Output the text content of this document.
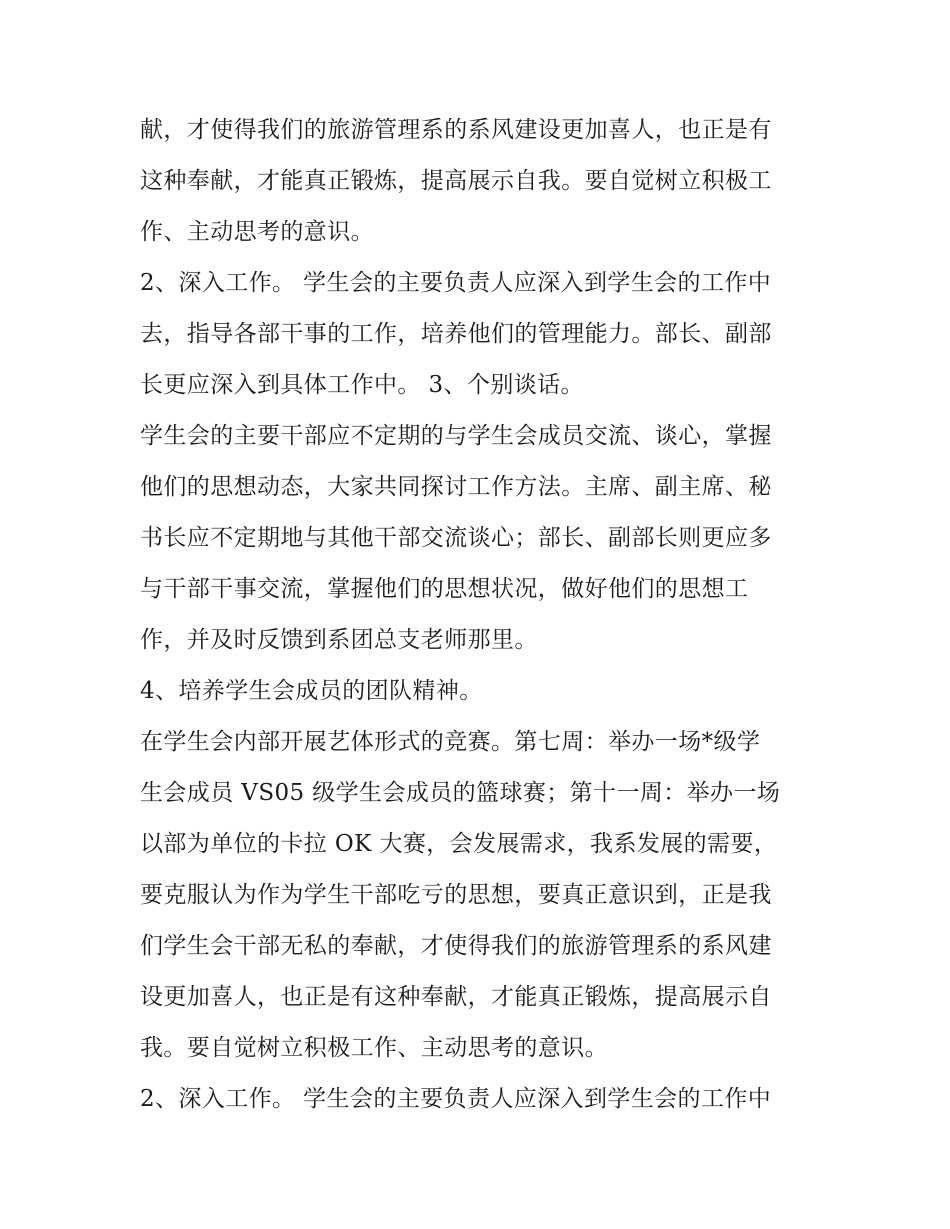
献，才使得我们的旅游管理系的系风建设更加喜人，也正是有
这种奉献，才能真正锻炼，提高展示自我。要自觉树立积极工
作、主动思考的意识。
2、深入工作。 学生会的主要负责人应深入到学生会的工作中
去，指导各部干事的工作，培养他们的管理能力。部长、副部
长更应深入到具体工作中。 3、个别谈话。
学生会的主要干部应不定期的与学生会成员交流、谈心，掌握
他们的思想动态，大家共同探讨工作方法。主席、副主席、秘
书长应不定期地与其他干部交流谈心；部长、副部长则更应多
与干部干事交流，掌握他们的思想状况，做好他们的思想工
作，并及时反馈到系团总支老师那里。
4、培养学生会成员的团队精神。
在学生会内部开展艺体形式的竞赛。第七周：举办一场*级学
生会成员 VS05 级学生会成员的篮球赛；第十一周：举办一场
以部为单位的卡拉 OK 大赛，会发展需求，我系发展的需要，
要克服认为作为学生干部吃亏的思想，要真正意识到，正是我
们学生会干部无私的奉献，才使得我们的旅游管理系的系风建
设更加喜人，也正是有这种奉献，才能真正锻炼，提高展示自
我。要自觉树立积极工作、主动思考的意识。
2、深入工作。 学生会的主要负责人应深入到学生会的工作中
